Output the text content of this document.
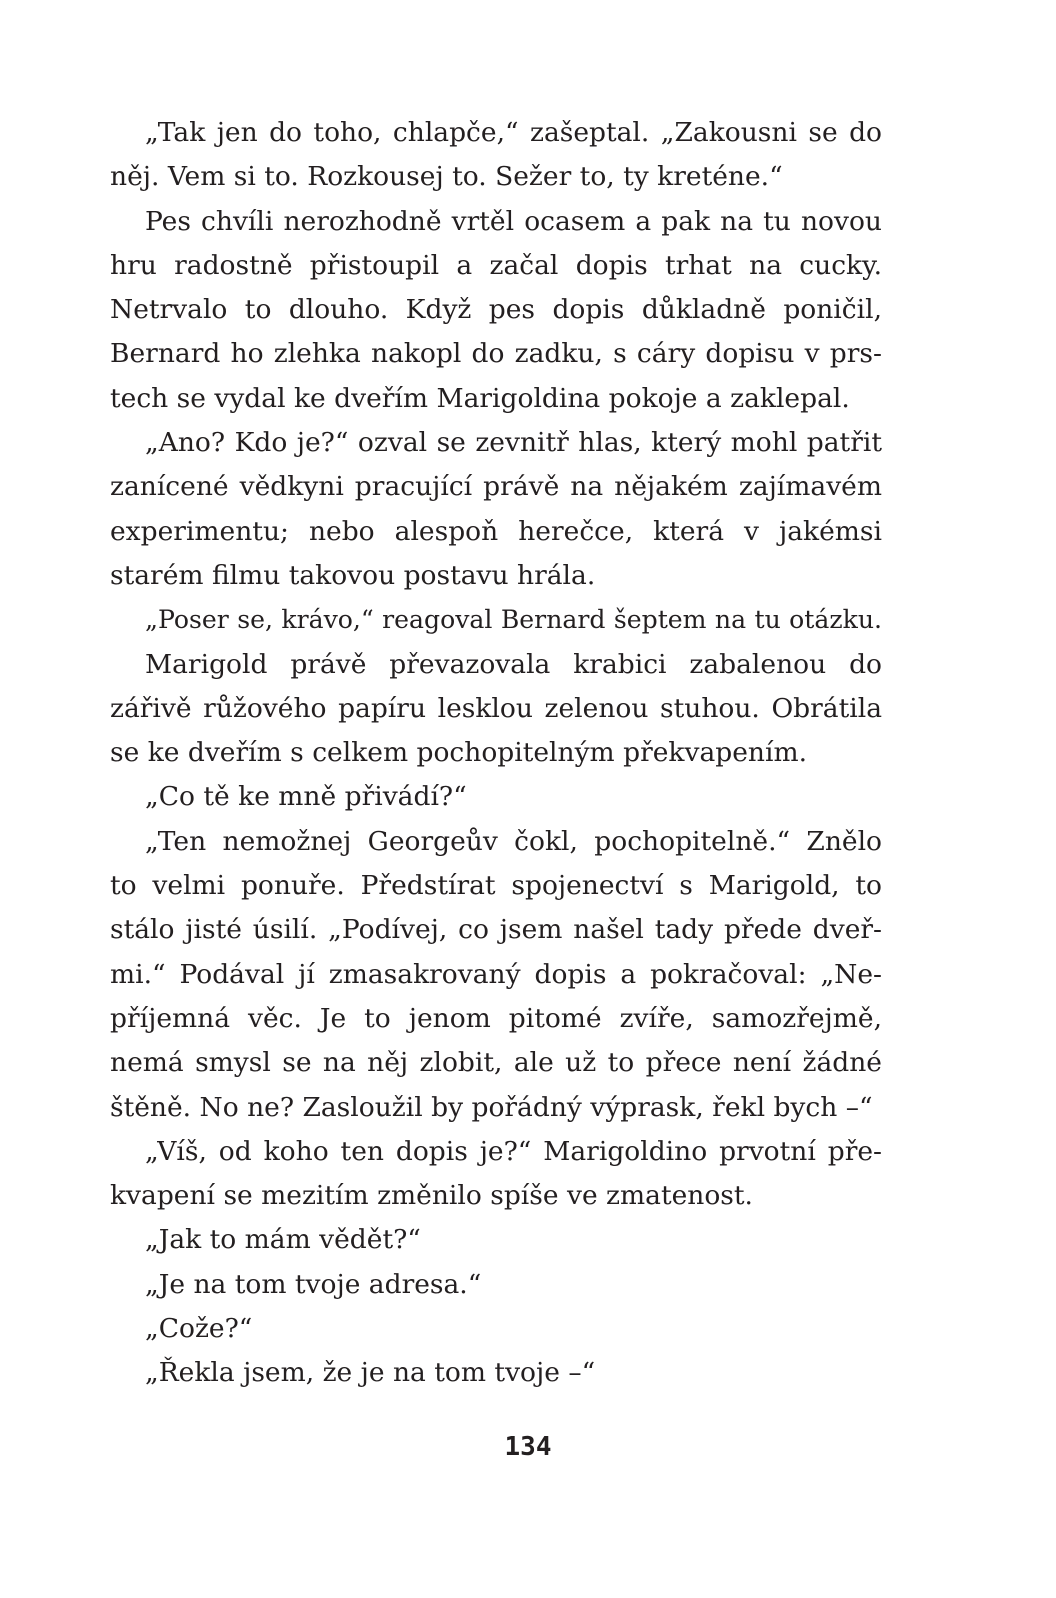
„Tak jen do toho, chlapče,“ zašeptal. „Zakousni se do
něj. Vem si to. Rozkousej to. Sežer to, ty kreténe.“
Pes chvíli nerozhodně vrtěl ocasem a pak na tu novou
hru radostně přistoupil a začal dopis trhat na cucky.
Netrvalo to dlouho. Když pes dopis důkladně poničil,
Bernard ho zlehka nakopl do zadku, s cáry dopisu v prs-
tech se vydal ke dveřím Marigoldina pokoje a zaklepal.
„Ano? Kdo je?“ ozval se zevnitř hlas, který mohl patřit
zanícené vědkyni pracující právě na nějakém zajímavém
experimentu; nebo alespoň herečce, která v jakémsi
starém filmu takovou postavu hrála.
„Poser se, krávo,“ reagoval Bernard šeptem na tu otázku.
Marigold právě převazovala krabici zabalenou do
zářivě růžového papíru lesklou zelenou stuhou. Obrátila
se ke dveřím s celkem pochopitelným překvapením.
„Co tě ke mně přivádí?“
„Ten nemožnej Georgeův čokl, pochopitelně.“ Znělo
to velmi ponuře. Předstírat spojenectví s Marigold, to
stálo jisté úsilí. „Podívej, co jsem našel tady přede dveř-
mi.“ Podával jí zmasakrovaný dopis a pokračoval: „Ne-
příjemná věc. Je to jenom pitomé zvíře, samozřejmě,
nemá smysl se na něj zlobit, ale už to přece není žádné
štěně. No ne? Zasloužil by pořádný výprask, řekl bych –“
„Víš, od koho ten dopis je?“ Marigoldino prvotní pře-
kvapení se mezitím změnilo spíše ve zmatenost.
„Jak to mám vědět?“
„Je na tom tvoje adresa.“
„Cože?“
„Řekla jsem, že je na tom tvoje –“
134
